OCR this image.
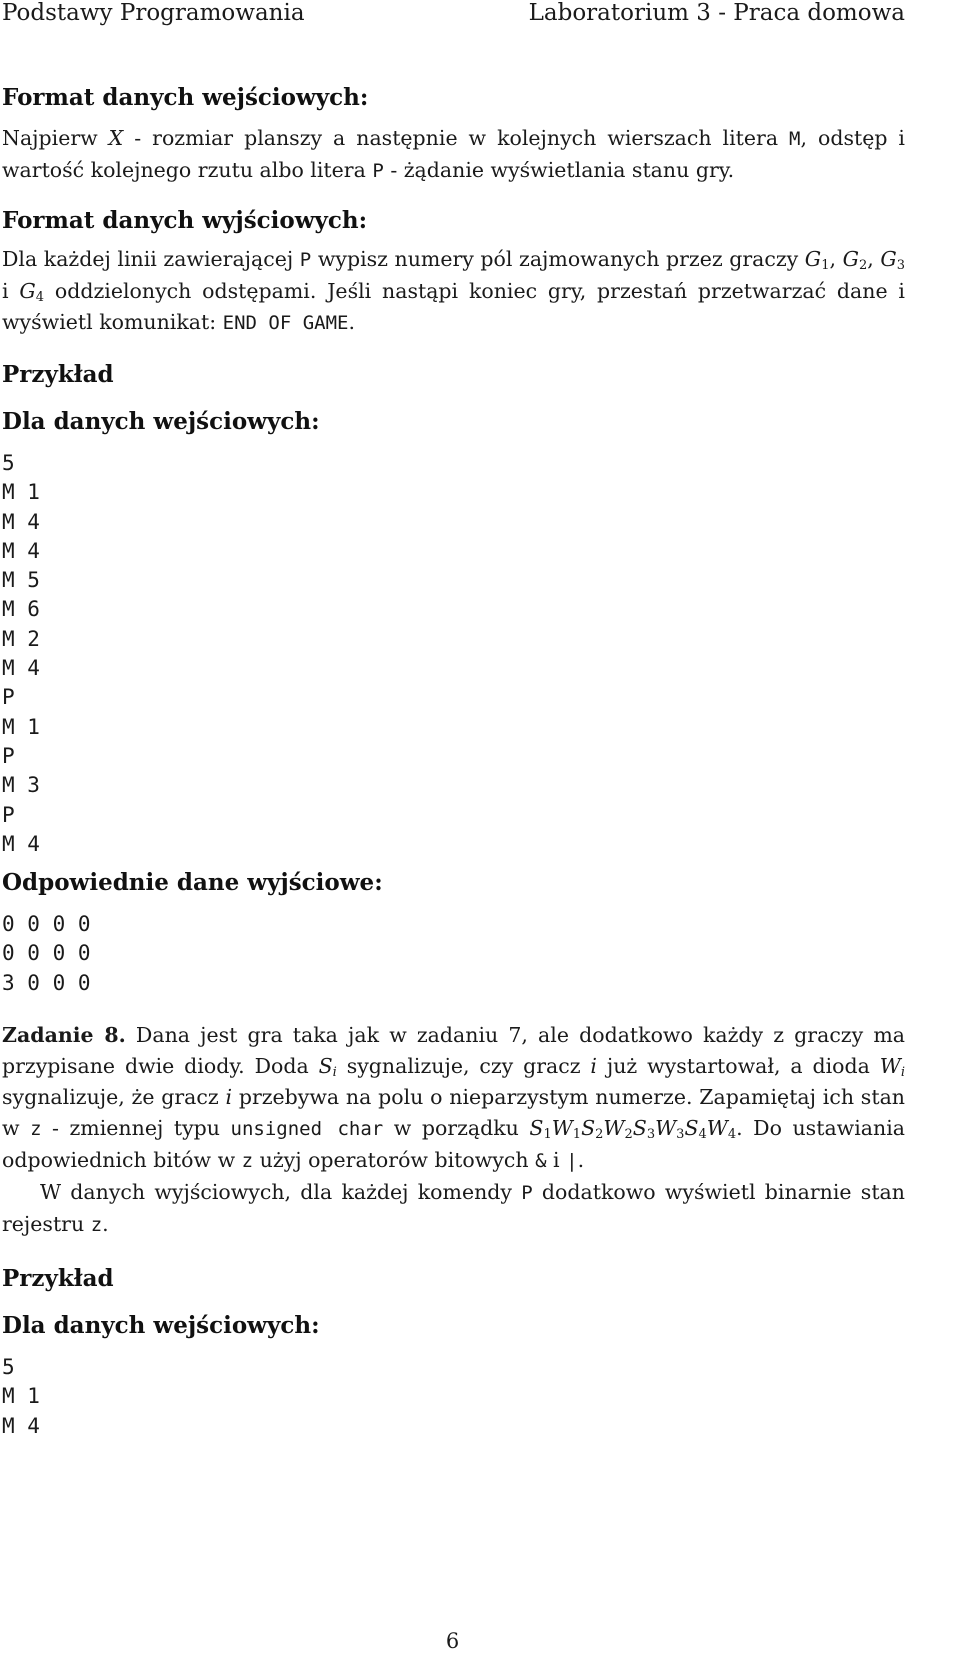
Podstawy Programowania	Laboratorium 3 - Praca domowa
Format danych wejściowych:
Najpierw X - rozmiar planszy a następnie w kolejnych wierszach litera M, odstęp i wartość kolejnego rzutu albo litera P - żądanie wyświetlania stanu gry.
Format danych wyjściowych:
Dla każdej linii zawierającej P wypisz numery pól zajmowanych przez graczy $G_1$, $G_2$, $G_3$ i $G_4$ oddzielonych odstępami. Jeśli nastąpi koniec gry, przestań przetwarzać dane i wyświetl komunikat: END OF GAME.
Przykład
Dla danych wejściowych:
5
M 1
M 4
M 4
M 5
M 6
M 2
M 4
P
M 1
P
M 3
P
M 4
Odpowiednie dane wyjściowe:
0 0 0 0
0 0 0 0
3 0 0 0
Zadanie 8. Dana jest gra taka jak w zadaniu 7, ale dodatkowo każdy z graczy ma przypisane dwie diody. Doda $S_i$ sygnalizuje, czy gracz i już wystartował, a dioda $W_i$ sygnalizuje, że gracz i przebywa na polu o nieparzystym numerze. Zapamiętaj ich stan w z - zmiennej typu unsigned char w porządku $S_1W_1S_2W_2S_3W_3S_4W_4$. Do ustawiania odpowiednich bitów w z użyj operatorów bitowych & i |.
W danych wyjściowych, dla każdej komendy P dodatkowo wyświetl binarnie stan rejestru z.
Przykład
Dla danych wejściowych:
5
M 1
M 4
6
